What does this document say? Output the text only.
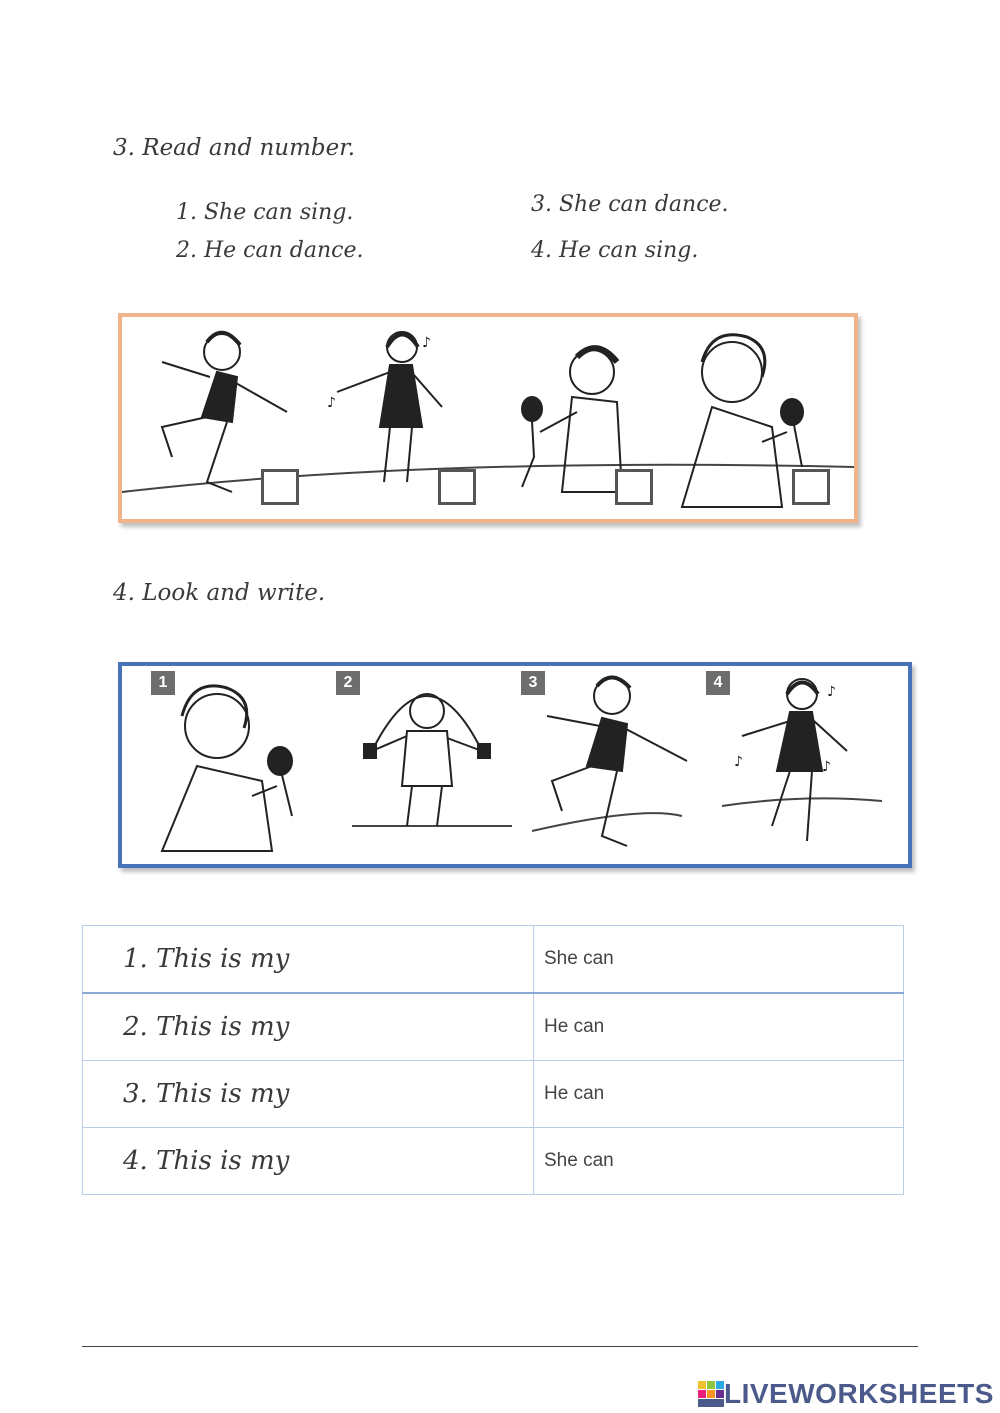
3. Read and number.
1. She can sing.
2. He can dance.
3. She can dance.
4. He can sing.
♪
♪
4. Look and write.
♪
♪	♪
1	2	3	4
1. This is my	She can
2. This is my	He can
3. This is my	He can
4. This is my	She can
LIVEWORKSHEETS
